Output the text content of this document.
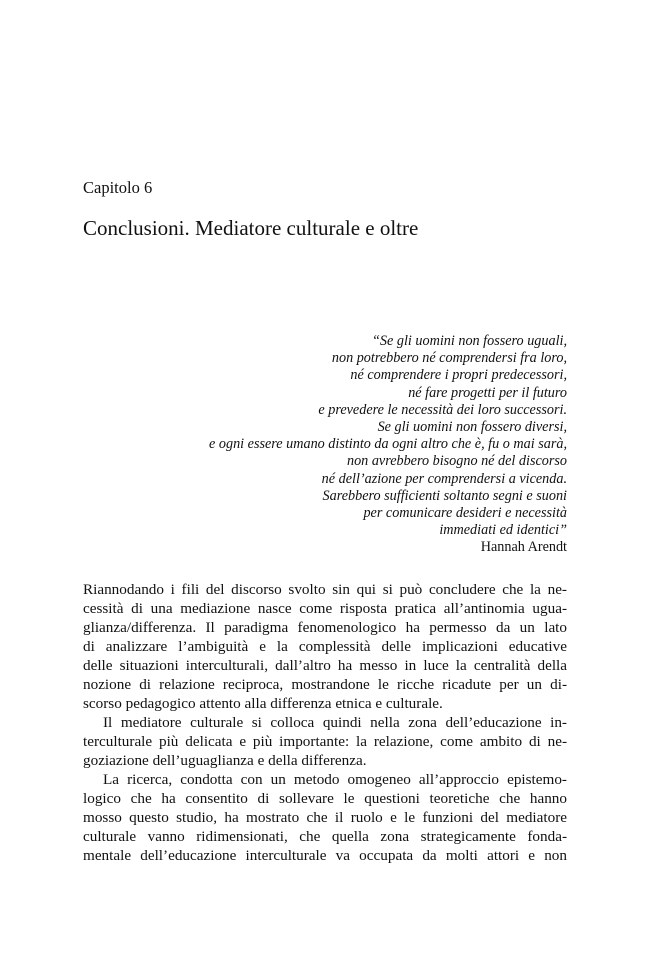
Capitolo 6
Conclusioni. Mediatore culturale e oltre
“Se gli uomini non fossero uguali,
non potrebbero né comprendersi fra loro,
né comprendere i propri predecessori,
né fare progetti per il futuro
e prevedere le necessità dei loro successori.
Se gli uomini non fossero diversi,
e ogni essere umano distinto da ogni altro che è, fu o mai sarà,
non avrebbero bisogno né del discorso
né dell’azione per comprendersi a vicenda.
Sarebbero sufficienti soltanto segni e suoni
per comunicare desideri e necessità
immediati ed identici”
Hannah Arendt
Riannodando i fili del discorso svolto sin qui si può concludere che la ne-
cessità di una mediazione nasce come risposta pratica all’antinomia ugua-
glianza/differenza. Il paradigma fenomenologico ha permesso da un lato
di analizzare l’ambiguità e la complessità delle implicazioni educative
delle situazioni interculturali, dall’altro ha messo in luce la centralità della
nozione di relazione reciproca, mostrandone le ricche ricadute per un di-
scorso pedagogico attento alla differenza etnica e culturale.
Il mediatore culturale si colloca quindi nella zona dell’educazione in-
terculturale più delicata e più importante: la relazione, come ambito di ne-
goziazione dell’uguaglianza e della differenza.
La ricerca, condotta con un metodo omogeneo all’approccio epistemo-
logico che ha consentito di sollevare le questioni teoretiche che hanno
mosso questo studio, ha mostrato che il ruolo e le funzioni del mediatore
culturale vanno ridimensionati, che quella zona strategicamente fonda-
mentale dell’educazione interculturale va occupata da molti attori e non
